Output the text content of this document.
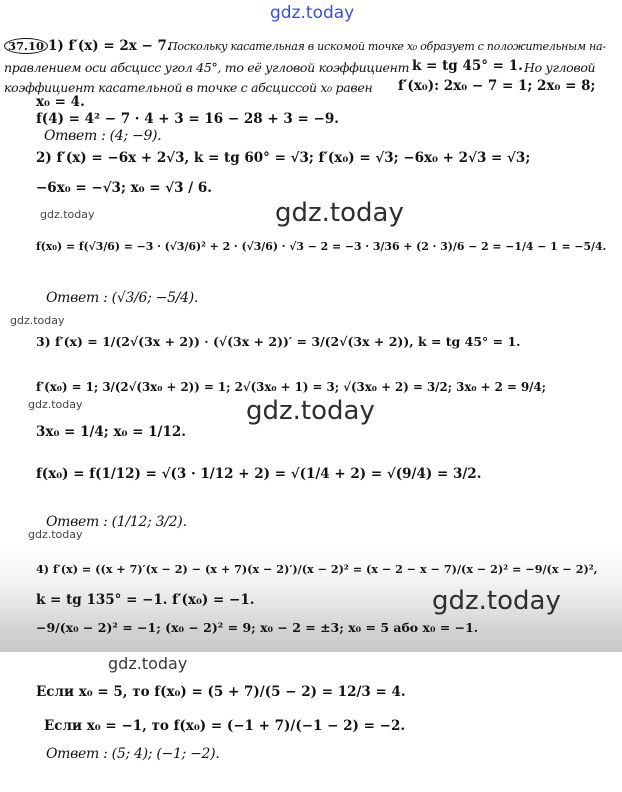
gdz.today
gdz.today
gdz.today
gdz.today
gdz.today	gdz.today
gdz.today
gdz.today
gdz.today
37.10 1) f′(x) = 2x − 7.
Поскольку касательная в искомой точке x₀ образует с положительным на-
правлением оси абсцисс угол 45°, то её угловой коэффициент k = tg 45° = 1. Но угловой
коэффициент касательной в точке с абсциссой x₀ равен f′(x₀): 2x₀ − 7 = 1; 2x₀ = 8;
x₀ = 4.
f(4) = 4² − 7 · 4 + 3 = 16 − 28 + 3 = −9.
Ответ : (4; −9).
2) f′(x) = −6x + 2√3, k = tg 60° = √3; f′(x₀) = √3; −6x₀ + 2√3 = √3;
−6x₀ = −√3; x₀ = √3 / 6.
f(x₀) = f(√3/6) = −3 · (√3/6)² + 2 · (√3/6) · √3 − 2 = −3 · 3/36 + (2 · 3)/6 − 2 = −1/4 − 1 = −5/4.
Ответ : (√3/6; −5/4).
3) f′(x) = 1/(2√(3x + 2)) · (√(3x + 2))′ = 3/(2√(3x + 2)), k = tg 45° = 1.
f′(x₀) = 1; 3/(2√(3x₀ + 2)) = 1; 2√(3x₀ + 1) = 3; √(3x₀ + 2) = 3/2; 3x₀ + 2 = 9/4;
3x₀ = 1/4; x₀ = 1/12.
f(x₀) = f(1/12) = √(3 · 1/12 + 2) = √(1/4 + 2) = √(9/4) = 3/2.
Ответ : (1/12; 3/2).
4) f′(x) = ((x + 7)′(x − 2) − (x + 7)(x − 2)′)/(x − 2)² = (x − 2 − x − 7)/(x − 2)² = −9/(x − 2)²,
k = tg 135° = −1. f′(x₀) = −1.
−9/(x₀ − 2)² = −1; (x₀ − 2)² = 9; x₀ − 2 = ±3; x₀ = 5 або x₀ = −1.
Если x₀ = 5, то f(x₀) = (5 + 7)/(5 − 2) = 12/3 = 4.
Если x₀ = −1, то f(x₀) = (−1 + 7)/(−1 − 2) = −2.
Ответ : (5; 4); (−1; −2).
